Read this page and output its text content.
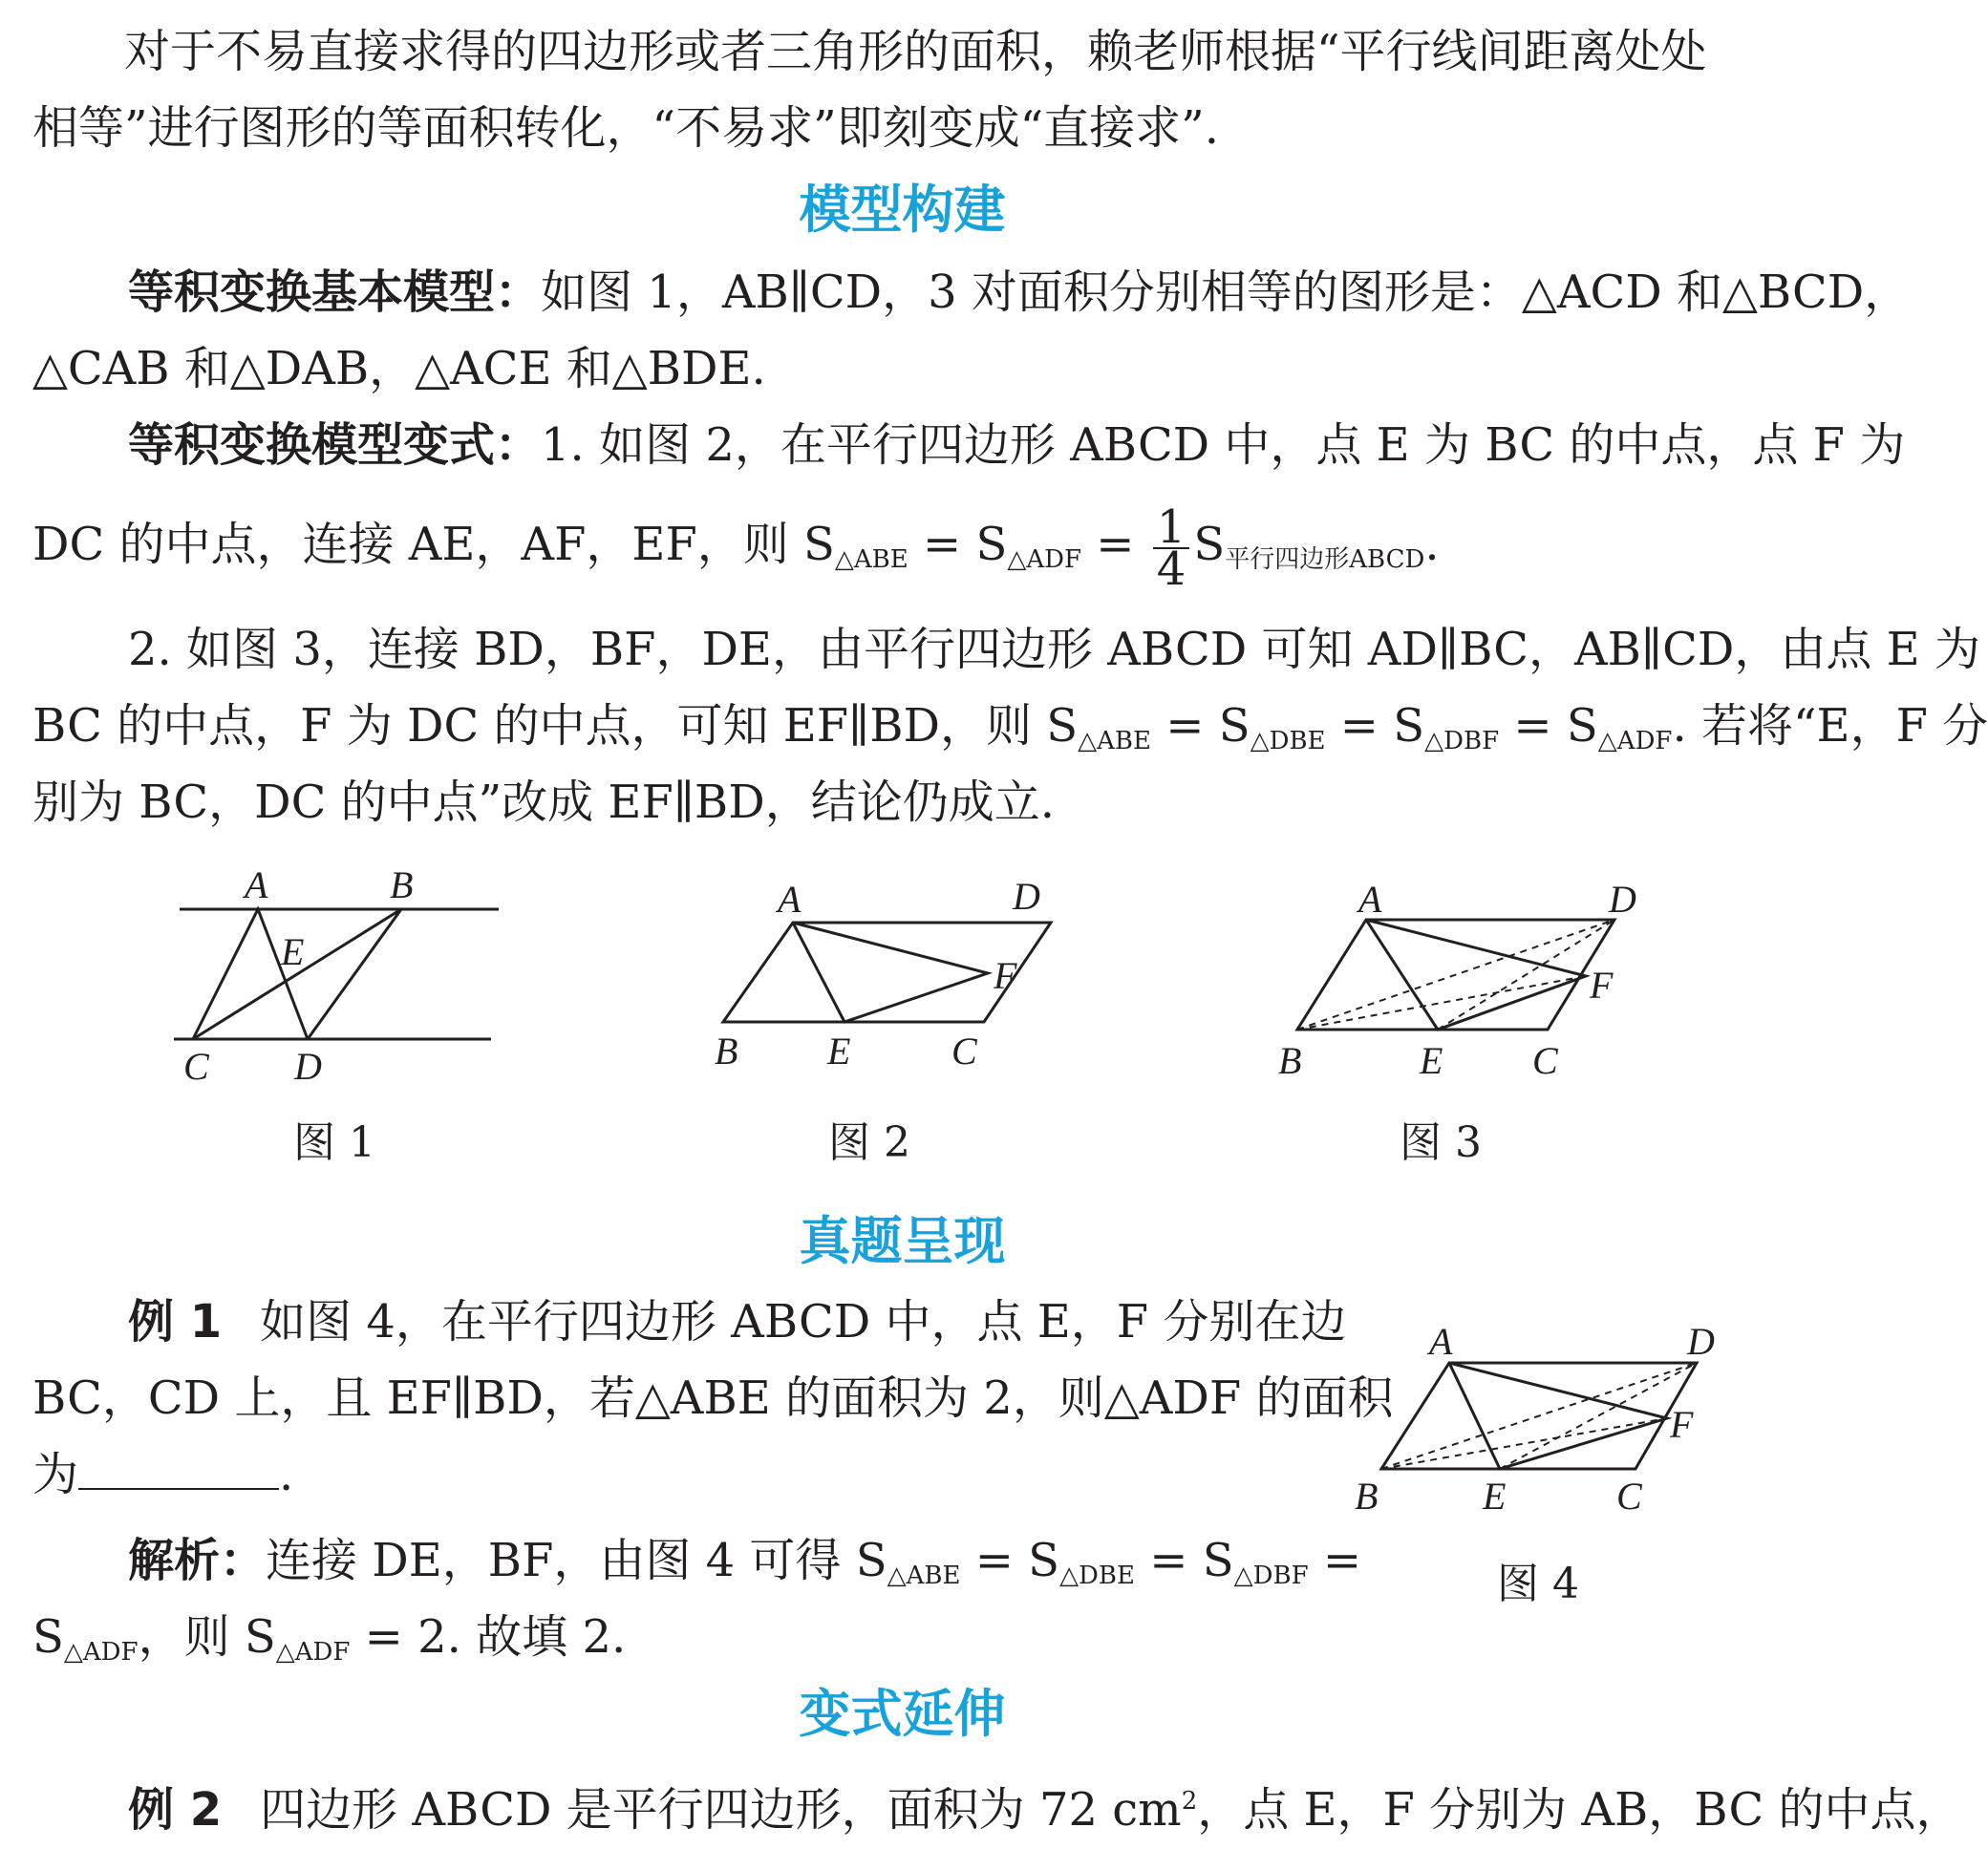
对于不易直接求得的四边形或者三角形的面积，赖老师根据“平行线间距离处处
相等”进行图形的等面积转化，“不易求”即刻变成“直接求”.
模型构建
等积变换基本模型：如图 1，AB∥CD，3 对面积分别相等的图形是：△ACD 和△BCD，
△CAB 和△DAB，△ACE 和△BDE.
等积变换模型变式：1. 如图 2，在平行四边形 ABCD 中，点 E 为 BC 的中点，点 F 为
DC 的中点，连接 AE，AF，EF，则 $S_{\triangle ABE} = S_{\triangle ADF} = \frac{1}{4} S_{平行四边形ABCD}$.
2. 如图 3，连接 BD，BF，DE，由平行四边形 ABCD 可知 AD∥BC，AB∥CD，由点 E 为
BC 的中点，F 为 DC 的中点，可知 EF∥BD，则 $S_{\triangle ABE} = S_{\triangle DBE} = S_{\triangle DBF} = S_{\triangle ADF}$. 若将“E，F 分
别为 BC，DC 的中点”改成 EF∥BD，结论仍成立.
A	B
E
C D
A	D
F
B E	C
A	D
F
B	E C
A	D
F
B	E	C
图 1	图 2	图 3
图 4
真题呈现
例 1 如图 4，在平行四边形 ABCD 中，点 E，F 分别在边
BC，CD 上，且 EF∥BD，若△ABE 的面积为 2，则△ADF 的面积
为	.
解析：连接 DE，BF，由图 4 可得 $S_{\triangle ABE} = S_{\triangle DBE} = S_{\triangle DBF}$ =
$S_{\triangle ADF}$，则 $S_{\triangle ADF} = 2$. 故填 2.
变式延伸
例 2 四边形 ABCD 是平行四边形，面积为 72 $cm^2$，点 E，F 分别为 AB，BC 的中点，
